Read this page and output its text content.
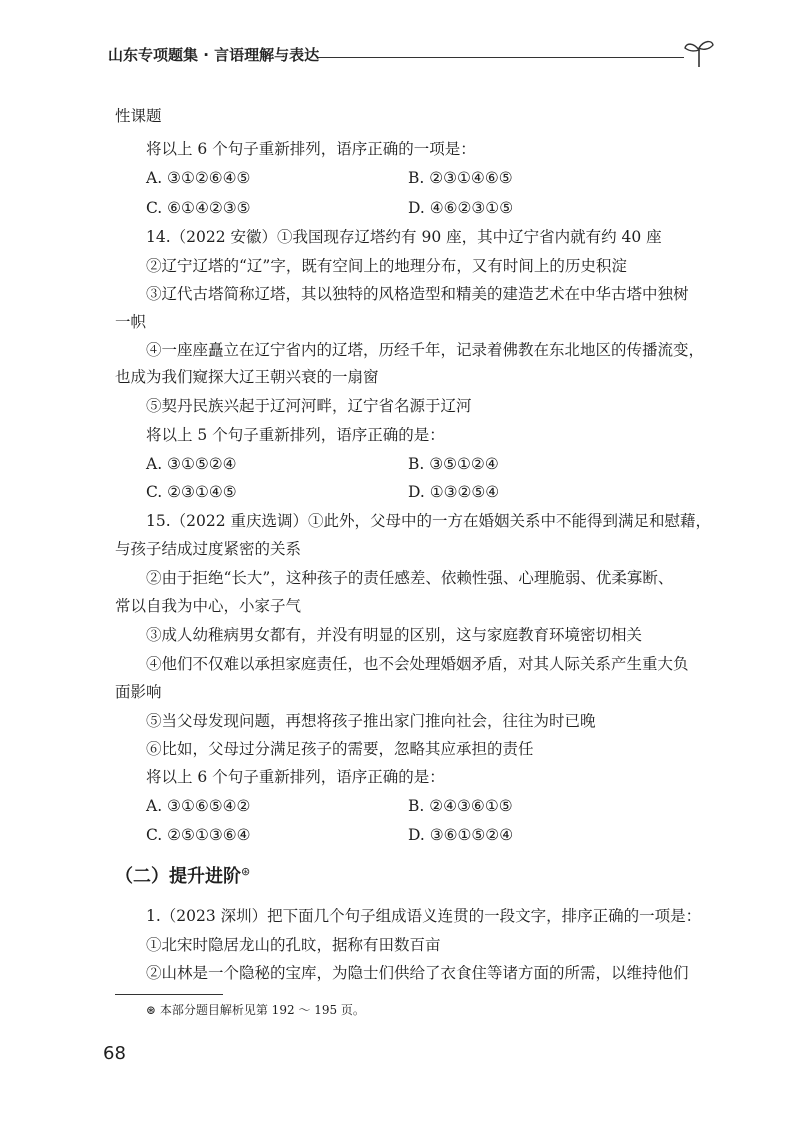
山东专项题集 · 言语理解与表达
性课题
将以上 6 个句子重新排列，语序正确的一项是：
A. ③①②⑥④⑤	B. ②③①④⑥⑤
C. ⑥①④②③⑤	D. ④⑥②③①⑤
14.（2022 安徽）①我国现存辽塔约有 90 座，其中辽宁省内就有约 40 座
②辽宁辽塔的“辽”字，既有空间上的地理分布，又有时间上的历史积淀
③辽代古塔简称辽塔，其以独特的风格造型和精美的建造艺术在中华古塔中独树
一帜
④一座座矗立在辽宁省内的辽塔，历经千年，记录着佛教在东北地区的传播流变，
也成为我们窥探大辽王朝兴衰的一扇窗
⑤契丹民族兴起于辽河河畔，辽宁省名源于辽河
将以上 5 个句子重新排列，语序正确的是：
A. ③①⑤②④	B. ③⑤①②④
C. ②③①④⑤	D. ①③②⑤④
15.（2022 重庆选调）①此外，父母中的一方在婚姻关系中不能得到满足和慰藉，
与孩子结成过度紧密的关系
②由于拒绝“长大”，这种孩子的责任感差、依赖性强、心理脆弱、优柔寡断、
常以自我为中心，小家子气
③成人幼稚病男女都有，并没有明显的区别，这与家庭教育环境密切相关
④他们不仅难以承担家庭责任，也不会处理婚姻矛盾，对其人际关系产生重大负
面影响
⑤当父母发现问题，再想将孩子推出家门推向社会，往往为时已晚
⑥比如，父母过分满足孩子的需要，忽略其应承担的责任
将以上 6 个句子重新排列，语序正确的是：
A. ③①⑥⑤④②	B. ②④③⑥①⑤
C. ②⑤①③⑥④	D. ③⑥①⑤②④
（二）提升进阶⊛
1.（2023 深圳）把下面几个句子组成语义连贯的一段文字，排序正确的一项是：
①北宋时隐居龙山的孔旼，据称有田数百亩
②山林是一个隐秘的宝库，为隐士们供给了衣食住等诸方面的所需，以维持他们
⊛ 本部分题目解析见第 192 ～ 195 页。
68
